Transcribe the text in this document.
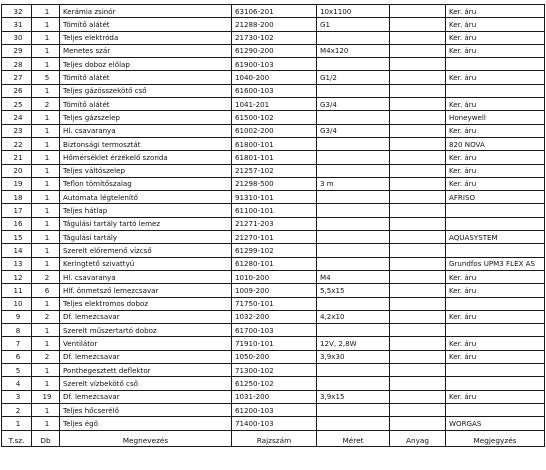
32	1	Kerámia zsinór	63106-201	10x1100		Ker. áru
31	1	Tömítő alátét	21288-200	G1		Ker. áru
30	1	Teljes elektróda	21730-102			Ker. áru
29	1	Menetes szár	61290-200	M4x120		Ker. áru
28	1	Teljes doboz előlap	61900-103			
27	5	Tömítő alátét	1040-200	G1/2		Ker. áru
26	1	Teljes gázösszekötő cső	61600-103			
25	2	Tömítő alátét	1041-201	G3/4		Ker. áru
24	1	Teljes gázszelep	61500-102			Honeywell
23	1	Hl. csavaranya	61002-200	G3/4		Ker. áru
22	1	Biztonsági termosztát	61800-101			820 NOVA
21	1	Hőmérséklet érzékelő szonda	61801-101			Ker. áru
20	1	Teljes váltószelep	21257-102			Ker. áru
19	1	Teflon tömítőszalag	21298-500	3 m		Ker. áru
18	1	Automata légtelenítő	91310-101			AFRISO
17	1	Teljes hátlap	61100-101			
16	1	Tágulási tartály tartó lemez	21271-203			
15	1	Tágulási tartály	21270-101			AQUASYSTEM
14	1	Szerelt előremenő vízcső	61299-102			
13	1	Keringtető szivattyú	61280-101			Grundfos UPM3 FLEX AS
12	2	Hl. csavaranya	1010-200	M4		Ker. áru
11	6	Hlf. önmetsző lemezcsavar	1009-200	5,5x15		Ker. áru
10	1	Teljes elektromos doboz	71750-101			
9	2	Df. lemezcsavar	1032-200	4,2x10		Ker. áru
8	1	Szerelt műszertartó doboz	61700-103			
7	1	Ventilátor	71910-101	12V, 2,8W		Ker. áru
6	2	Df. lemezcsavar	1050-200	3,9x30		Ker. áru
5	1	Ponthegesztett deflektor	71300-102			
4	1	Szerelt vízbekötő cső	61250-102			
3	19	Df. lemezcsavar	1031-200	3,9x15		Ker. áru
2	1	Teljes hőcserélő	61200-103			
1	1	Teljes égő	71400-103			WORGAS
T.sz.	Db	Megnevezés	Rajzszám	Méret	Anyag	Megjegyzés
